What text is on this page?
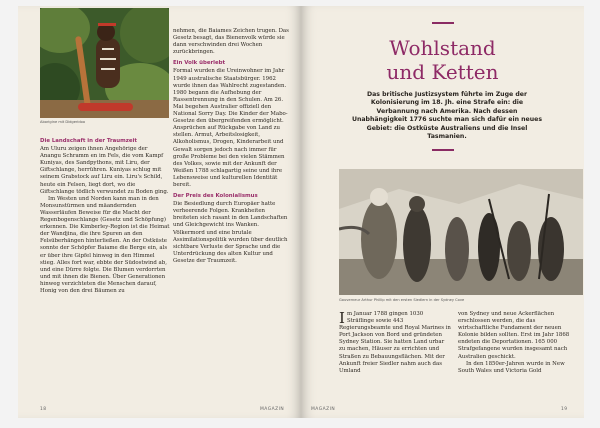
Aborigine mit Didgeridoo
Die Landschaft in der Traumzeit

Am Uluru zeigen ihnen Angehörige der Anangu Schramm en im Fels, die vom Kampf Kuniyas, des Sandpythons, mit Liru, der Giftschlange, herrühren. Kuniyas schlug mit seinem Grabstock auf Liru ein. Liru's Schild, heute ein Felsen, liegt dort, wo die Giftschlange tödlich verwundet zu Boden ging.

Im Westen und Norden kann man in den Monsunstürmen und mäandernden Wasserläufen Beweise für die Macht der Regenbogenschlange (Gesetz und Schöpfung) erkennen. Die Kimberley-Region ist die Heimat der Wandjina, die ihre Spuren an den Felsüberhängen hinterließen. An der Ostküste sonnte der Schöpfer Baiame die Berge ein, als er über ihre Gipfel hinweg in den Himmel stieg. Alles fort war, ebbte der Südostwind ab, und eine Dürre folgte. Die Blumen verdorrten und mit ihnen die Bienen. Über Generationen hinweg verzichteten die Menschen darauf, Honig von den drei Bäumen zu

nehmen, die Baiames Zeichen trugen. Das Gesetz besagt, das Bienenvolk würde sie dann verschwinden drei Wochen zurückbringen.

Ein Volk überlebt

Formal wurden die Ureinwohner im Jahr 1949 australische Staatsbürger. 1962 wurde ihnen das Wahlrecht zugestanden. 1980 begann die Aufhebung der Rassentrennung in den Schulen. Am 26. Mai begehen Australier offiziell den National Sorry Day. Die Kinder der Mabo-Gesetze den übergreifenden ermöglicht. Ansprüchen auf Rückgabe von Land zu stellen. Armut, Arbeitslosigkeit, Alkoholismus, Drogen, Kinderarbeit und Gewalt sorgen jedoch nach immer für große Probleme bei den vielen Stämmen des Volkes, sowie mit der Ankunft der Weißen 1788 schlagartig seine und ihre Lebensweise und kulturellen Identität bereit.

Der Preis des Kolonialismus

Die Besiedlung durch Europäer hatte verheerende Folgen. Krankheiten breiteten sich rasant in den Landschaften und Gleichgewicht ins Wanken. Völkermord und eine brutale Assimilationspolitik wurden über deutlich sichtbare Verluste der Sprache und die Unterdrückung des alten Kultur und Gesetze der Traumzeit.

18	MAGAZIN
Wohlstand
und Ketten
Das britische Justizsystem führte im Zuge der Kolonisierung im 18. Jh. eine Strafe ein: die Verbannung nach Amerika. Nach dessen Unabhängigkeit 1776 suchte man sich dafür ein neues Gebiet: die Ostküste Australiens und die Insel Tasmanien.
Gouverneur Arthur Phillip mit den ersten Siedlern in der Sydney Cove
I m Januar 1788 gingen 1030 Sträflinge sowie 443 Regierungsbeamte und Royal Marines in Port Jackson von Bord und gründeten Sydney Station. Sie hatten Land urbar zu machen, Häuser zu errichten und Straßen zu Bebauungsflächen. Mit der Ankunft freier Siedler nahm auch das Umland

von Sydney und neue Ackerflächen erschlossen werden, die das wirtschaftliche Fundament der neuen Kolonie bilden sollten. Erst im Jahr 1868 endeten die Deportationen. 165 000 Strafgefangene wurden insgesamt nach Australien geschickt.

In den 1850er-Jahren wurde in New South Wales und Victoria Gold

MAGAZIN	19
